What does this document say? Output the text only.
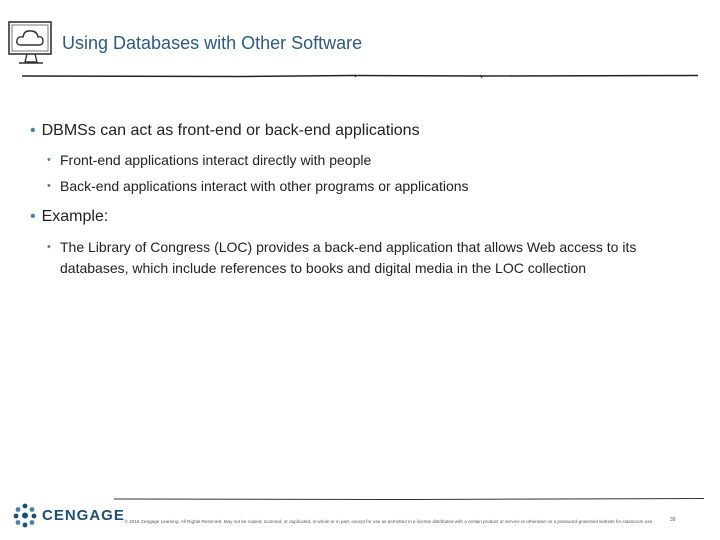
Using Databases with Other Software
• DBMSs can act as front-end or back-end applications
• Front-end applications interact directly with people
• Back-end applications interact with other programs or applications
• Example:
• The Library of Congress (LOC) provides a back-end application that allows Web access to its databases, which include references to books and digital media in the LOC collection
CENGAGE © 2018 Cengage Learning. All Rights Reserved. May not be copied, scanned, or duplicated, in whole or in part, except for use as permitted in a license distributed with a certain product or service or otherwise on a password-protected website for classroom use.	39
